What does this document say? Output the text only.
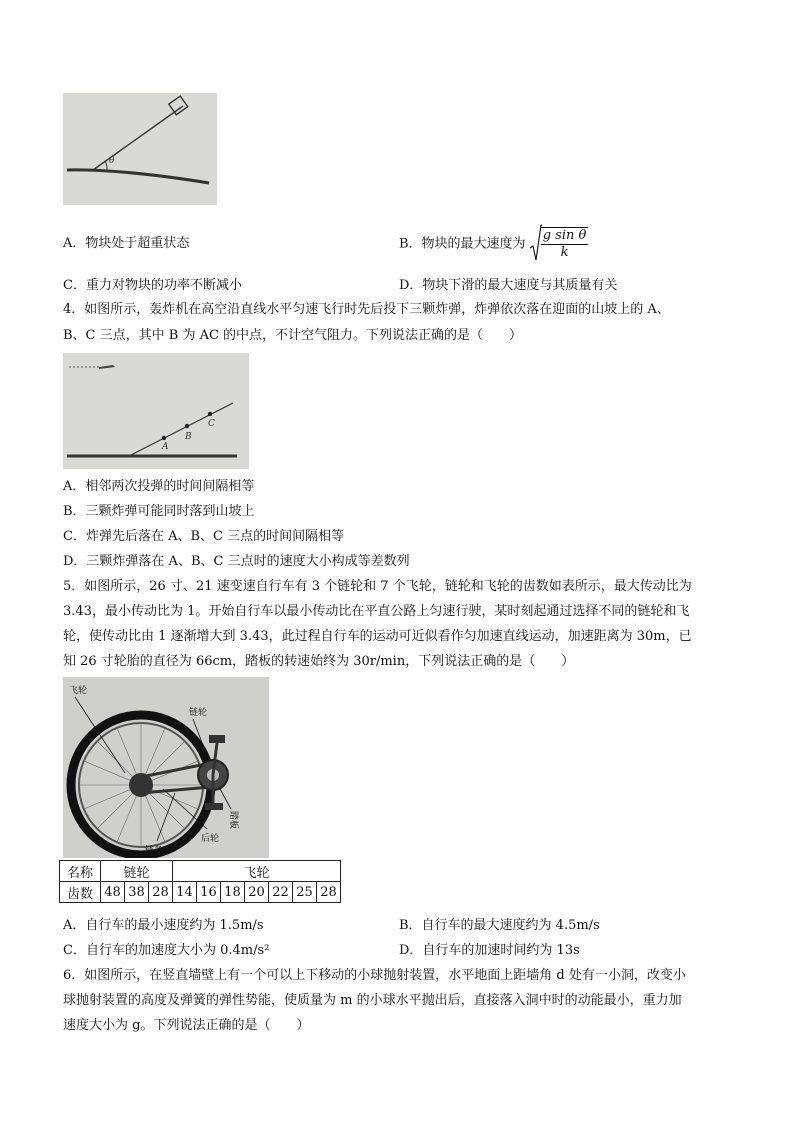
θ
A．物块处于超重状态	B．物块的最大速度为 $\frac{\text{g sin θ}}{k}$
C．重力对物块的功率不断减小	D．物块下滑的最大速度与其质量有关
4．如图所示，轰炸机在高空沿直线水平匀速飞行时先后投下三颗炸弹，炸弹依次落在迎面的山坡上的 A、
B、C 三点，其中 B 为 AC 的中点，不计空气阻力。下列说法正确的是（　　）
A
B
C
A．相邻两次投弹的时间间隔相等
B．三颗炸弹可能同时落到山坡上
C．炸弹先后落在 A、B、C 三点的时间间隔相等
D．三颗炸弹落在 A、B、C 三点时的速度大小构成等差数列
5．如图所示，26 寸、21 速变速自行车有 3 个链轮和 7 个飞轮，链轮和飞轮的齿数如表所示，最大传动比为
3.43，最小传动比为 1。开始自行车以最小传动比在平直公路上匀速行驶，某时刻起通过选择不同的链轮和飞
轮，使传动比由 1 逐渐增大到 3.43，此过程自行车的运动可近似看作匀加速直线运动，加速距离为 30m，已
知 26 寸轮胎的直径为 66cm，踏板的转速始终为 30r/min，下列说法正确的是（　　）
飞轮
链轮
踏板
后轮
链条
名称	链轮			飞轮						
齿数	48	38	28	14	16	18	20	22	25	28
A．自行车的最小速度约为 1.5m/s	B．自行车的最大速度约为 4.5m/s
C．自行车的加速度大小为 0.4m/s²	D．自行车的加速时间约为 13s
6．如图所示，在竖直墙壁上有一个可以上下移动的小球抛射装置，水平地面上距墙角 d 处有一小洞，改变小
球抛射装置的高度及弹簧的弹性势能，使质量为 m 的小球水平抛出后，直接落入洞中时的动能最小，重力加
速度大小为 g。下列说法正确的是（　　）
